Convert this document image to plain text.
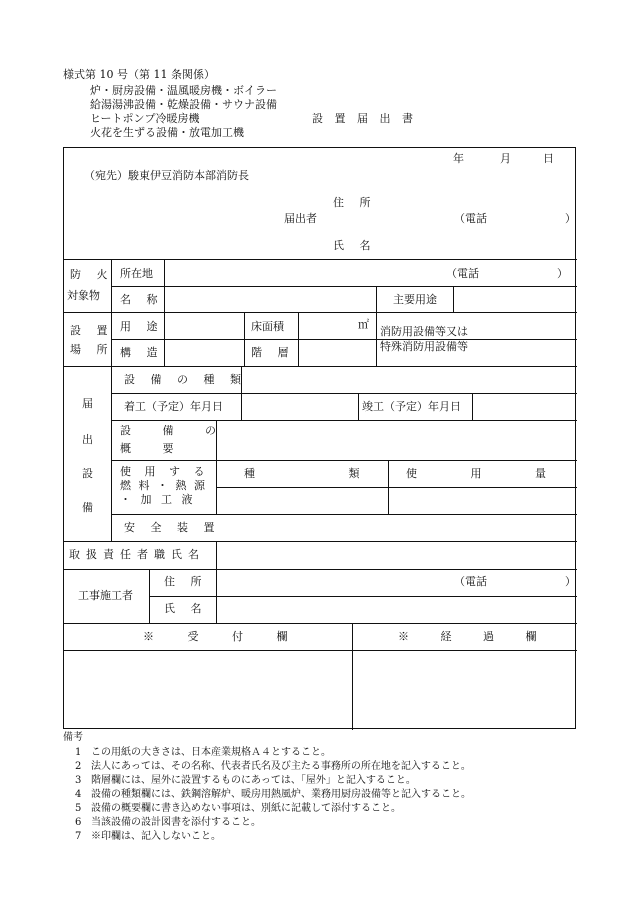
様式第 10 号（第 11 条関係）
炉・厨房設備・温風暖房機・ボイラー
給湯湯沸設備・乾燥設備・サウナ設備
ヒートポンプ冷暖房機
火花を生ずる設備・放電加工機
設 置 届 出 書
年	月	日
（宛先）駿東伊豆消防本部消防長
住 所
届出者	（電話	）
氏 名
防 火
対象物
所在地	（電話	）
名 称	主要用途
設 置
場 所
用 途	床面積	㎡
消防用設備等又は
特殊消防用設備等
構 造	階 層
届
出
設
備
設 備 の 種 類
着工（予定）年月日	竣工（予定）年月日
設 備 の
概 要
使 用 す る
燃 料 ・ 熱 源
・ 加 工 液
種 類	使 用 量
安 全 装 置
取扱責任者職氏名
工事施工者
住 所	（電話	）
氏 名
※ 受 付 欄	※ 経 過 欄
備考
1 この用紙の大きさは、日本産業規格Ａ４とすること。
2 法人にあっては、その名称、代表者氏名及び主たる事務所の所在地を記入すること。
3 階層欄には、屋外に設置するものにあっては、「屋外」と記入すること。
4 設備の種類欄には、鉄鋼溶解炉、暖房用熱風炉、業務用厨房設備等と記入すること。
5 設備の概要欄に書き込めない事項は、別紙に記載して添付すること。
6 当該設備の設計図書を添付すること。
7 ※印欄は、記入しないこと。
